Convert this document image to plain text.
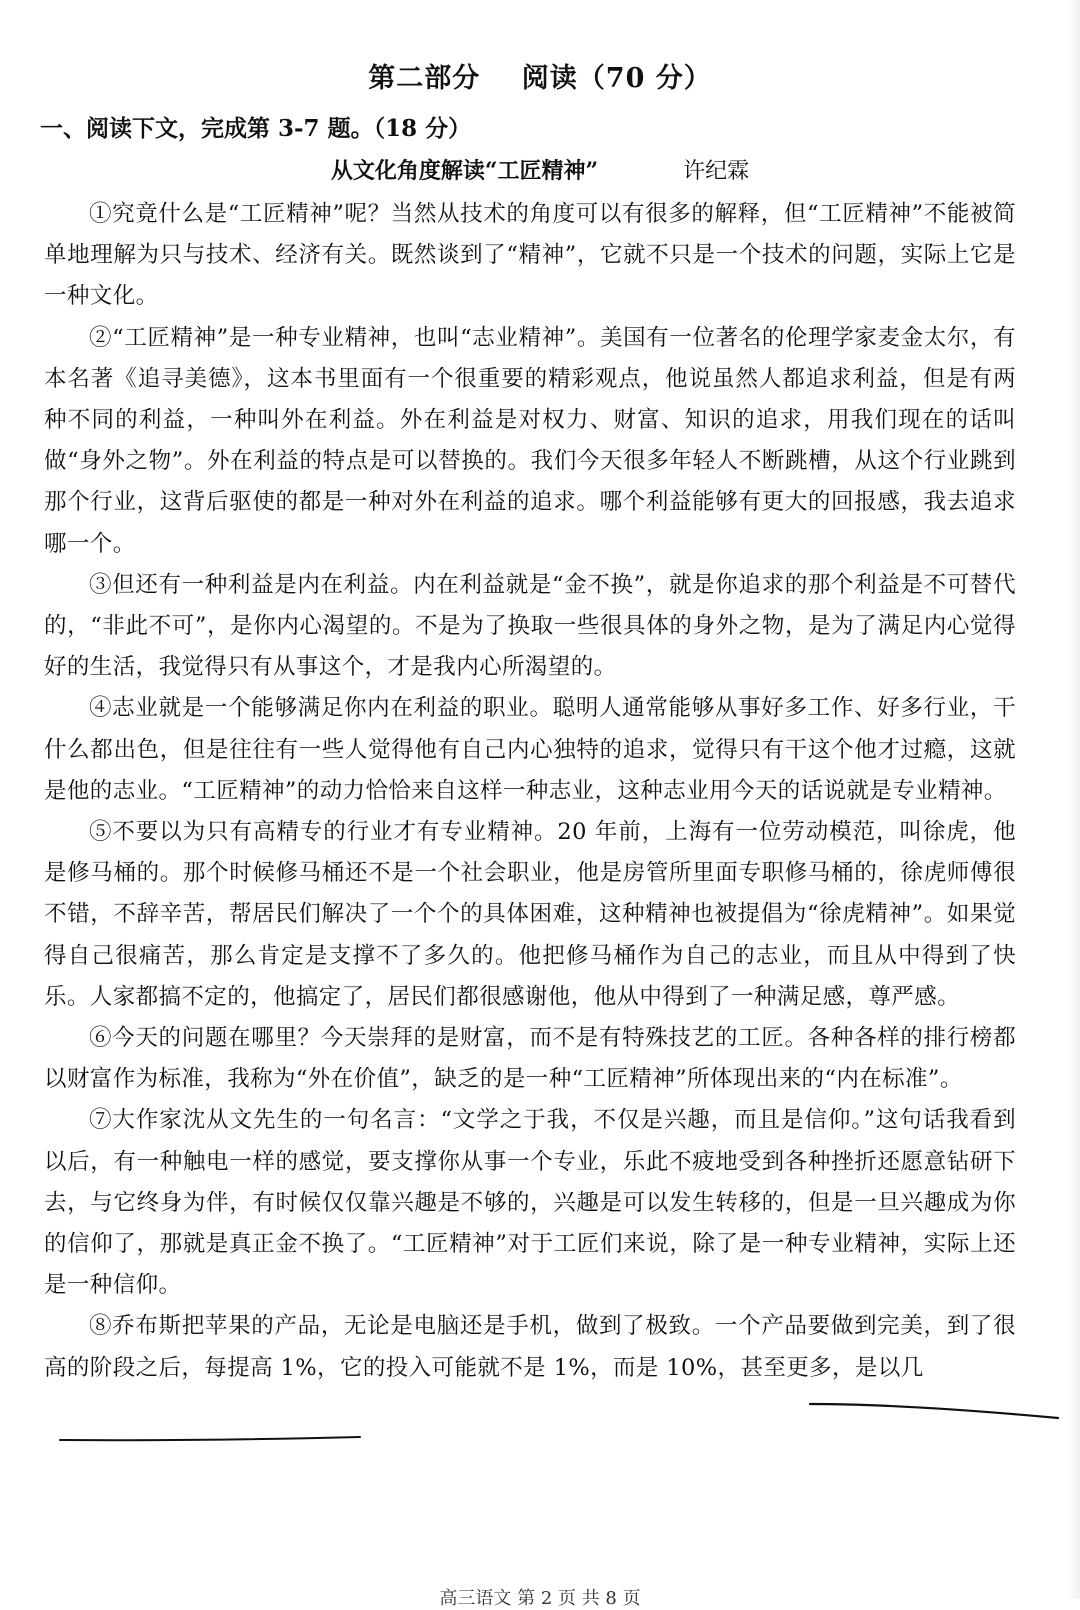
第二部分    阅读（70 分）
一、阅读下文，完成第 3-7 题。（18 分）
从文化角度解读“工匠精神”	许纪霖

①究竟什么是“工匠精神”呢？当然从技术的角度可以有很多的解释，但“工匠精神”不能被简单地理解为只与技术、经济有关。既然谈到了“精神”，它就不只是一个技术的问题，实际上它是一种文化。

②“工匠精神”是一种专业精神，也叫“志业精神”。美国有一位著名的伦理学家麦金太尔，有本名著《追寻美德》，这本书里面有一个很重要的精彩观点，他说虽然人都追求利益，但是有两种不同的利益，一种叫外在利益。外在利益是对权力、财富、知识的追求，用我们现在的话叫做“身外之物”。外在利益的特点是可以替换的。我们今天很多年轻人不断跳槽，从这个行业跳到那个行业，这背后驱使的都是一种对外在利益的追求。哪个利益能够有更大的回报感，我去追求哪一个。

③但还有一种利益是内在利益。内在利益就是“金不换”，就是你追求的那个利益是不可替代的，“非此不可”，是你内心渴望的。不是为了换取一些很具体的身外之物，是为了满足内心觉得好的生活，我觉得只有从事这个，才是我内心所渴望的。

④志业就是一个能够满足你内在利益的职业。聪明人通常能够从事好多工作、好多行业，干什么都出色，但是往往有一些人觉得他有自己内心独特的追求，觉得只有干这个他才过瘾，这就是他的志业。“工匠精神”的动力恰恰来自这样一种志业，这种志业用今天的话说就是专业精神。

⑤不要以为只有高精专的行业才有专业精神。20 年前，上海有一位劳动模范，叫徐虎，他是修马桶的。那个时候修马桶还不是一个社会职业，他是房管所里面专职修马桶的，徐虎师傅很不错，不辞辛苦，帮居民们解决了一个个的具体困难，这种精神也被提倡为“徐虎精神”。如果觉得自己很痛苦，那么肯定是支撑不了多久的。他把修马桶作为自己的志业，而且从中得到了快乐。人家都搞不定的，他搞定了，居民们都很感谢他，他从中得到了一种满足感，尊严感。

⑥今天的问题在哪里？今天崇拜的是财富，而不是有特殊技艺的工匠。各种各样的排行榜都以财富作为标准，我称为“外在价值”，缺乏的是一种“工匠精神”所体现出来的“内在标准”。

⑦大作家沈从文先生的一句名言：“文学之于我，不仅是兴趣，而且是信仰。”这句话我看到以后，有一种触电一样的感觉，要支撑你从事一个专业，乐此不疲地受到各种挫折还愿意钻研下去，与它终身为伴，有时候仅仅靠兴趣是不够的，兴趣是可以发生转移的，但是一旦兴趣成为你的信仰了，那就是真正金不换了。“工匠精神”对于工匠们来说，除了是一种专业精神，实际上还是一种信仰。

⑧乔布斯把苹果的产品，无论是电脑还是手机，做到了极致。一个产品要做到完美，到了很高的阶段之后，每提高 1%，它的投入可能就不是 1%，而是 10%，甚至更多，是以几

高三语文 第 2 页 共 8 页
